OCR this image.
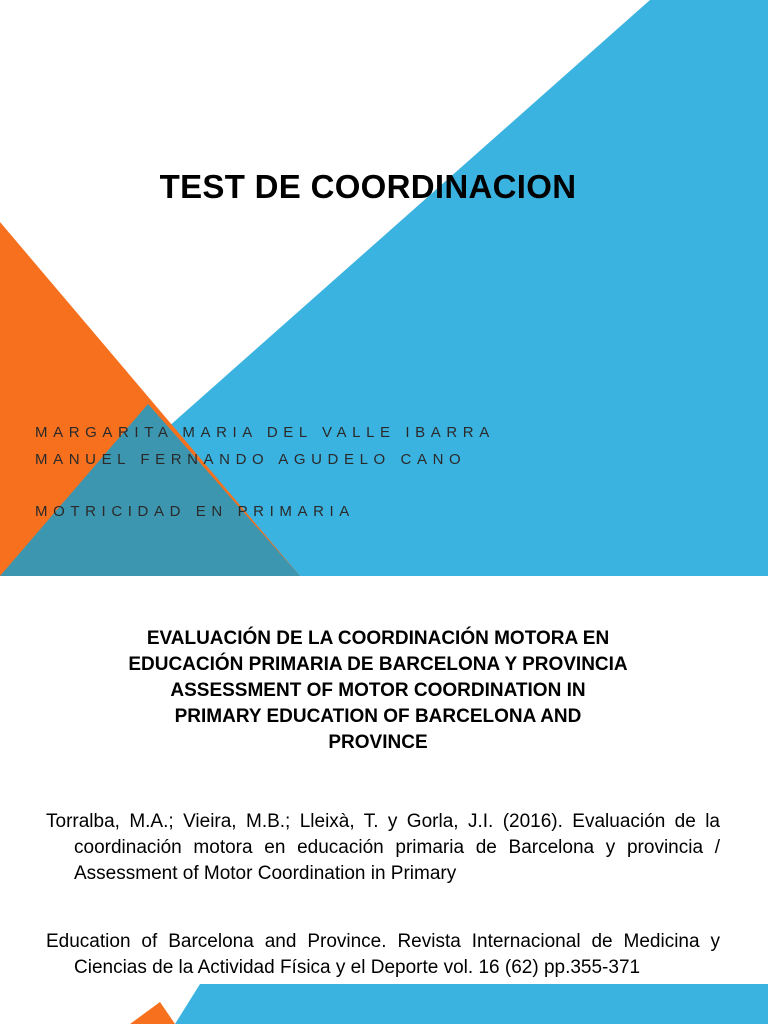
TEST DE COORDINACION

MARGARITA MARIA DEL VALLE IBARRA

MANUEL FERNANDO AGUDELO CANO

MOTRICIDAD EN PRIMARIA

EVALUACIÓN DE LA COORDINACIÓN MOTORA EN
EDUCACIÓN PRIMARIA DE BARCELONA Y PROVINCIA
ASSESSMENT OF MOTOR COORDINATION IN
PRIMARY EDUCATION OF BARCELONA AND
PROVINCE

Torralba, M.A.; Vieira, M.B.; Lleixà, T. y Gorla, J.I. (2016). Evaluación de la coordinación motora en educación primaria de Barcelona y provincia / Assessment of Motor Coordination in Primary

Education of Barcelona and Province. Revista Internacional de Medicina y Ciencias de la Actividad Física y el Deporte vol. 16 (62) pp.355-371
